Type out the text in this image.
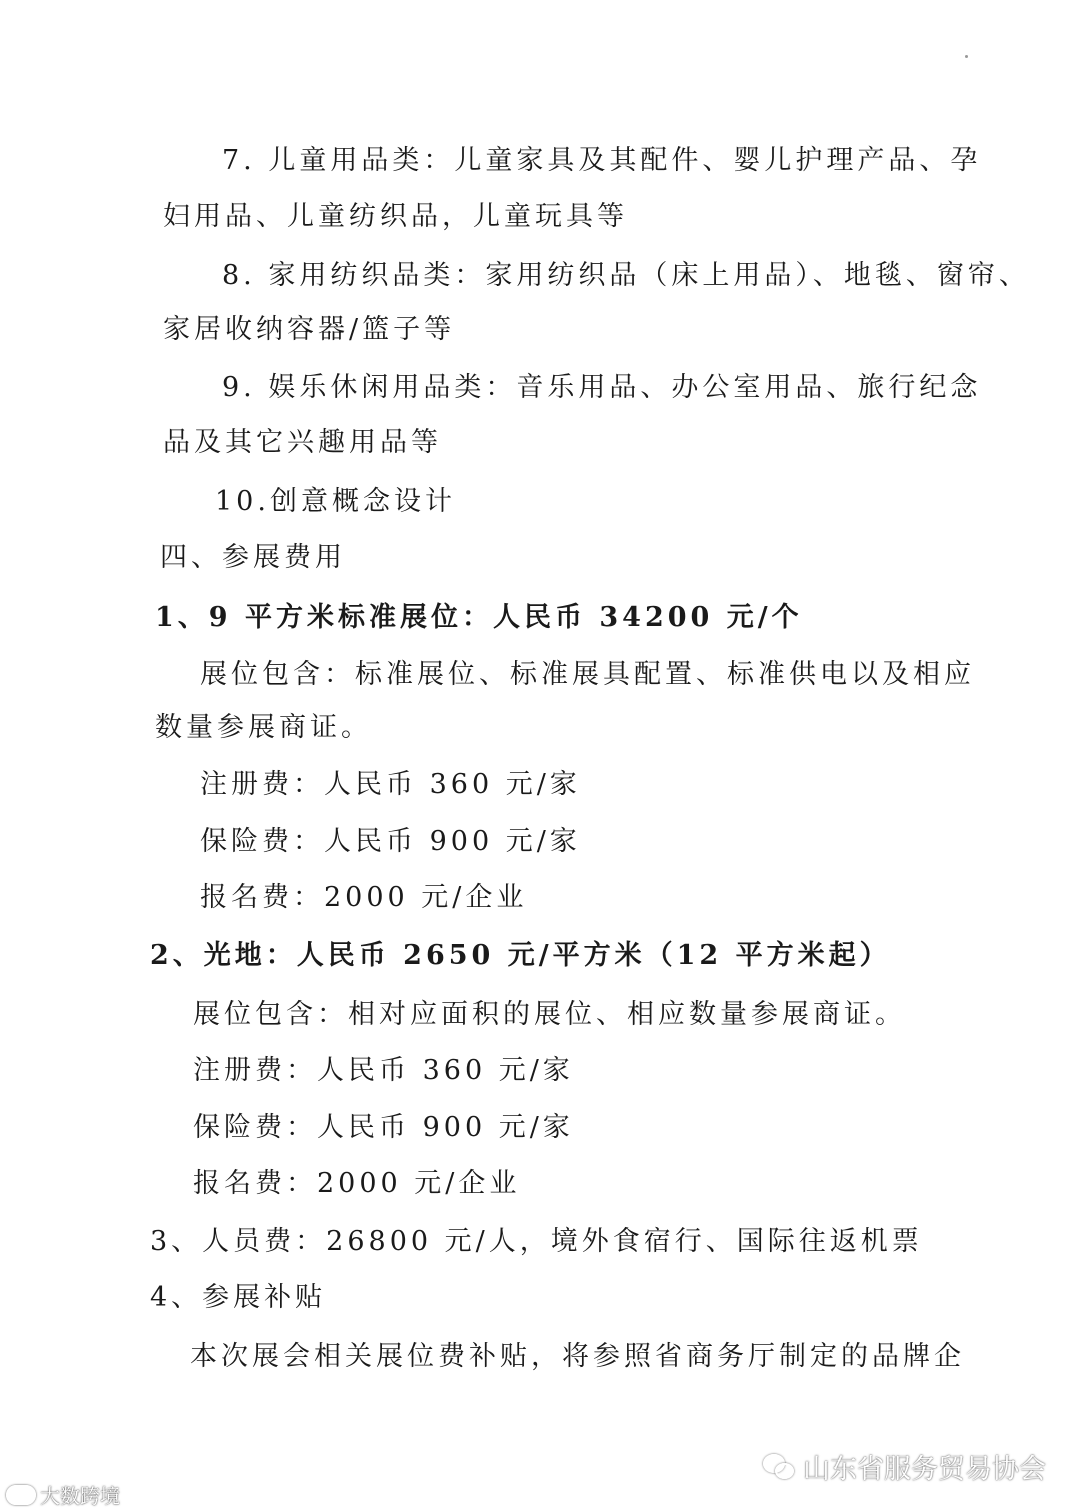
7. 儿童用品类：儿童家具及其配件、婴儿护理产品、孕
妇用品、儿童纺织品，儿童玩具等
8. 家用纺织品类：家用纺织品（床上用品）、地毯、窗帘、
家居收纳容器/篮子等
9. 娱乐休闲用品类：音乐用品、办公室用品、旅行纪念
品及其它兴趣用品等
10.创意概念设计
四、参展费用
1、9 平方米标准展位：人民币 34200 元/个
展位包含：标准展位、标准展具配置、标准供电以及相应
数量参展商证。
注册费：人民币 360 元/家
保险费：人民币 900 元/家
报名费：2000 元/企业
2、光地：人民币 2650 元/平方米（12 平方米起）
展位包含：相对应面积的展位、相应数量参展商证。
注册费：人民币 360 元/家
保险费：人民币 900 元/家
报名费：2000 元/企业
3、人员费：26800 元/人，境外食宿行、国际往返机票
4、参展补贴
本次展会相关展位费补贴，将参照省商务厅制定的品牌企
大数跨境
山东省服务贸易协会
